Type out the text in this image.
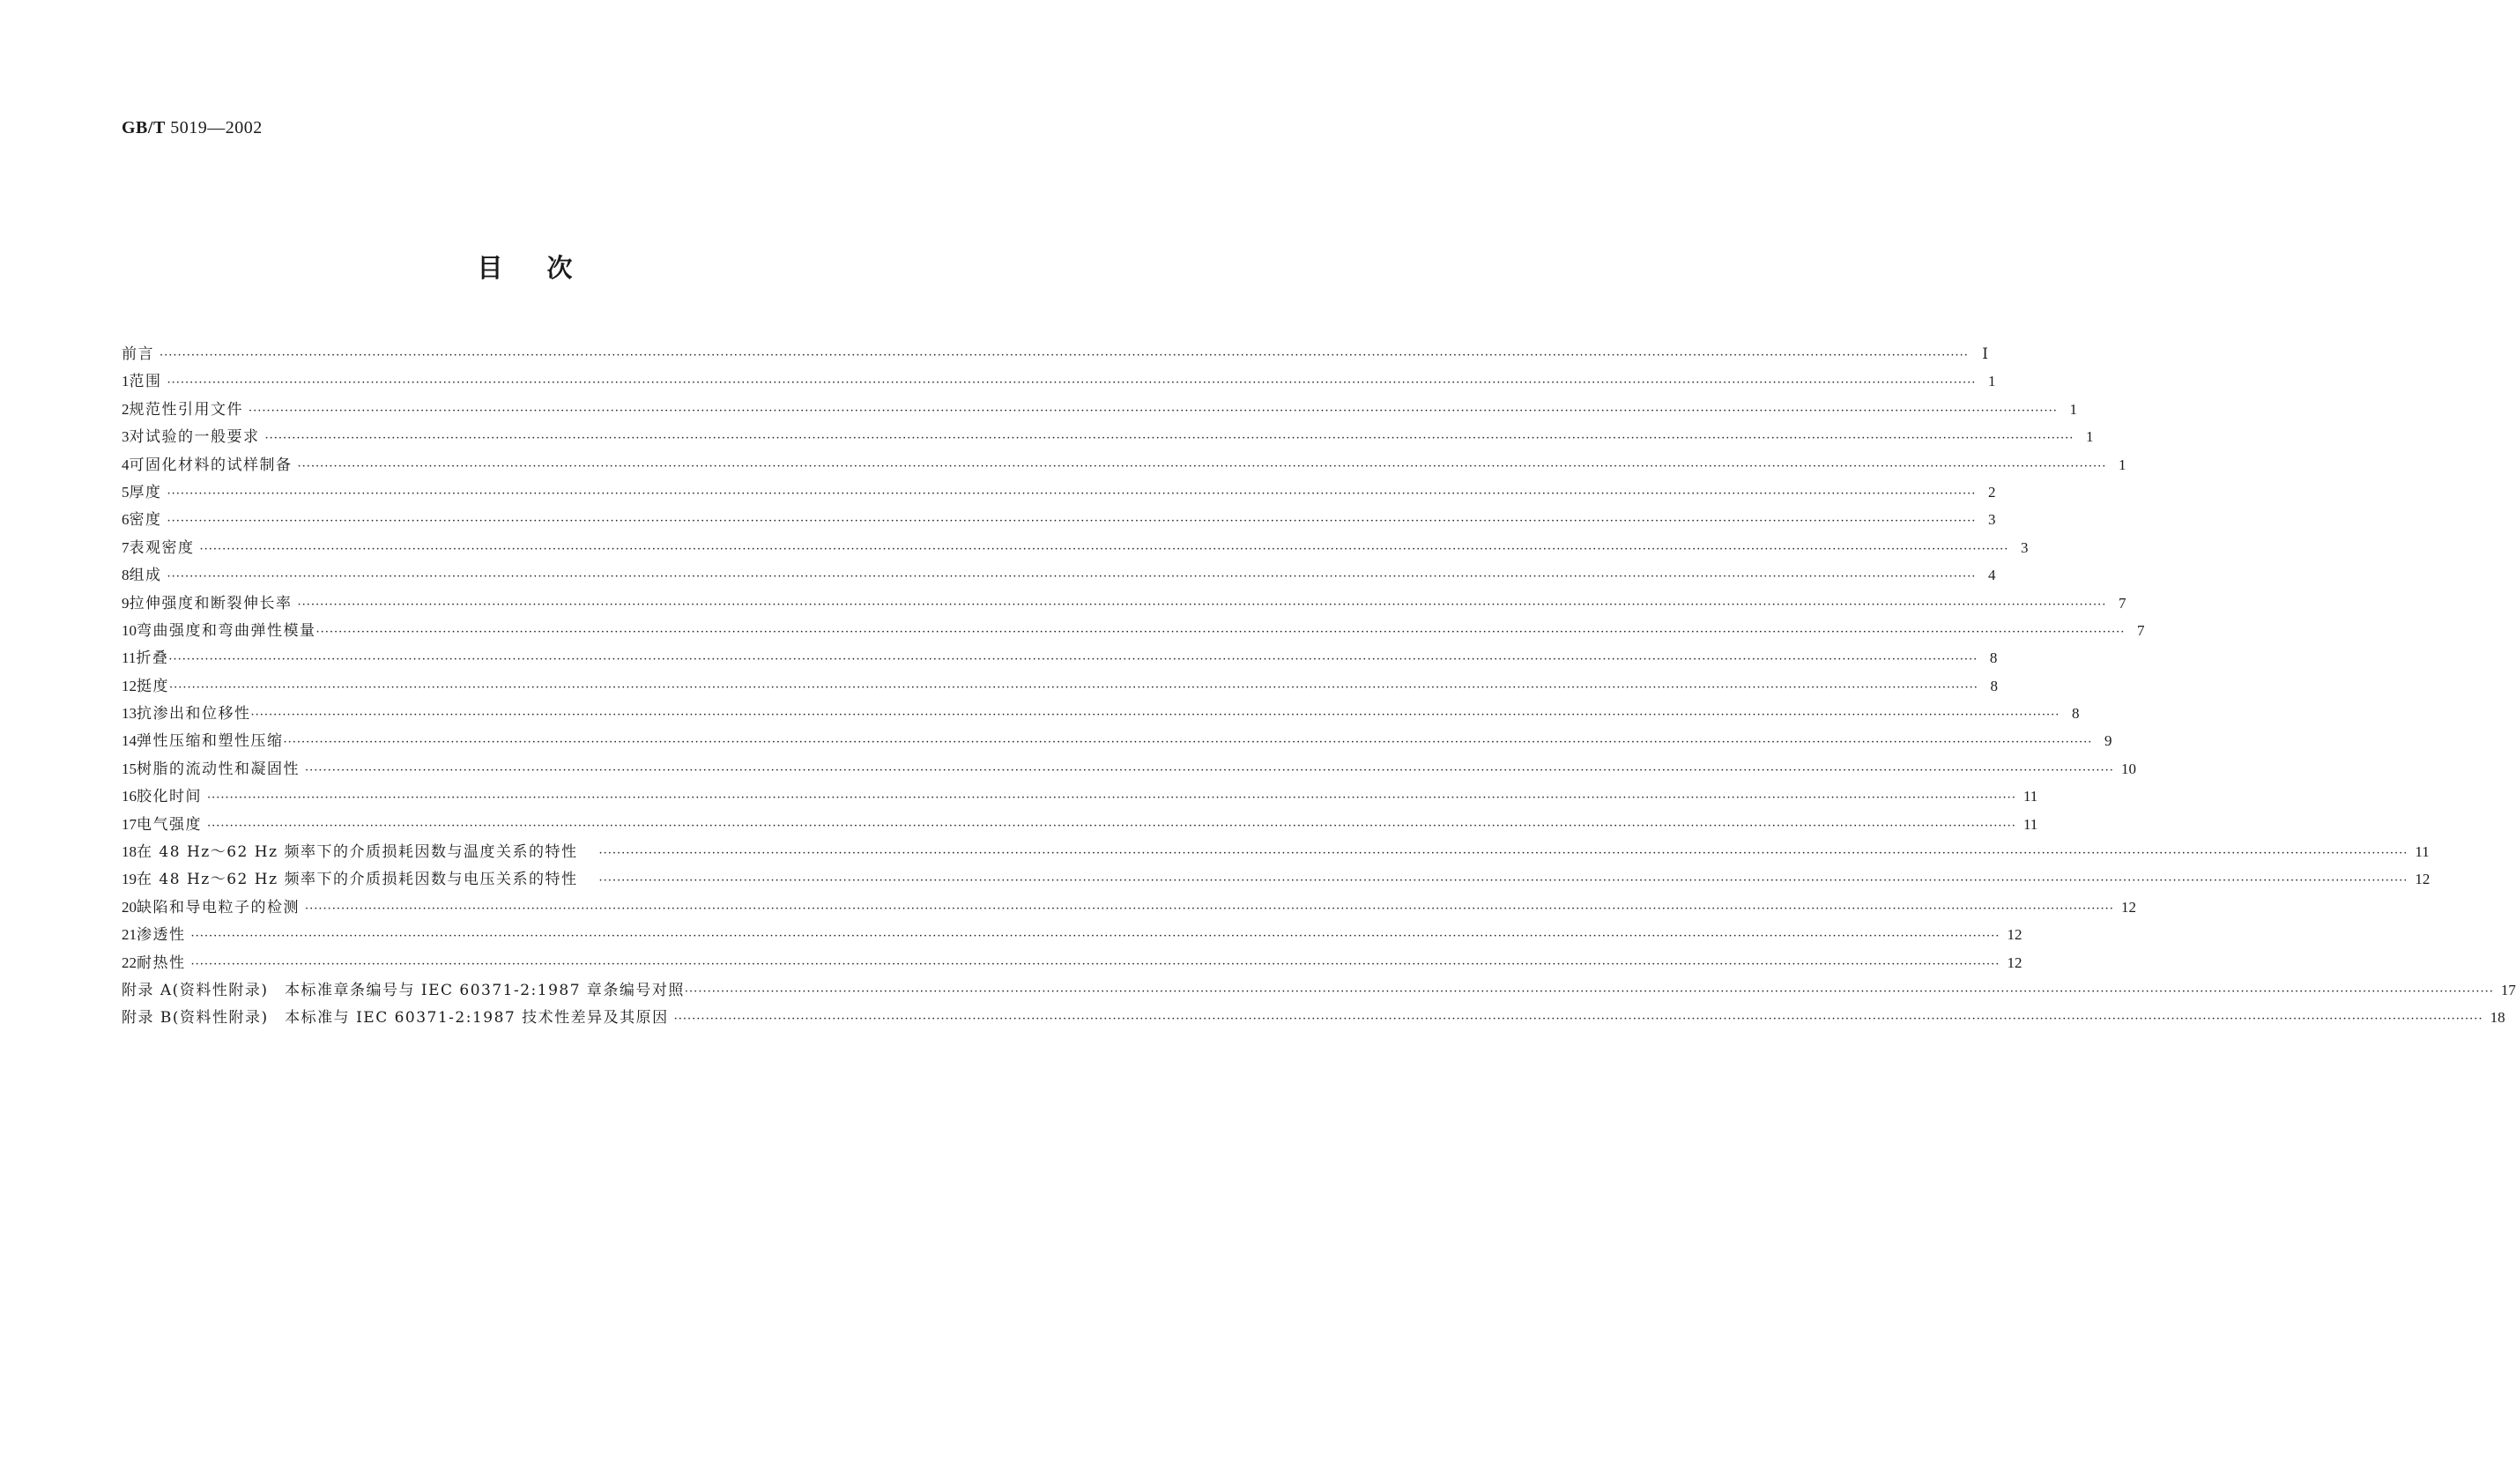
GB/T 5019—2002
目次
前言 ················································································································································································································································································································································································································ Ⅰ
1 范围 ················································································································································································································································································································································································································ 1
2 规范性引用文件 ················································································································································································································································································································································································································ 1
3 对试验的一般要求 ················································································································································································································································································································································································································ 1
4 可固化材料的试样制备 ················································································································································································································································································································································································································ 1
5 厚度 ················································································································································································································································································································································································································ 2
6 密度 ················································································································································································································································································································································································································ 3
7 表观密度 ················································································································································································································································································································································································································ 3
8 组成 ················································································································································································································································································································································································································ 4
9 拉伸强度和断裂伸长率 ················································································································································································································································································································································································································ 7
10 弯曲强度和弯曲弹性模量 ················································································································································································································································································································································································································ 7
11 折叠 ················································································································································································································································································································································································································ 8
12 挺度 ················································································································································································································································································································································································································ 8
13 抗渗出和位移性 ················································································································································································································································································································································································································ 8
14 弹性压缩和塑性压缩 ················································································································································································································································································································································································································ 9
15 树脂的流动性和凝固性 ················································································································································································································································································································································································································ 10
16 胶化时间 ················································································································································································································································································································································································································ 11
17 电气强度 ················································································································································································································································································································································································································ 11
18 在 48 Hz～62 Hz 频率下的介质损耗因数与温度关系的特性 ················································································································································································································································································································································································································ 11
19 在 48 Hz～62 Hz 频率下的介质损耗因数与电压关系的特性 ················································································································································································································································································································································································································ 12
20 缺陷和导电粒子的检测 ················································································································································································································································································································································································································ 12
21 渗透性 ················································································································································································································································································································································································································ 12
22 耐热性 ················································································································································································································································································································································································································ 12
附录 A(资料性附录)　本标准章条编号与 IEC 60371-2:1987 章条编号对照 ················································································································································································································································································································································································································ 17
附录 B(资料性附录)　本标准与 IEC 60371-2:1987 技术性差异及其原因 ················································································································································································································································································································································································································ 18
